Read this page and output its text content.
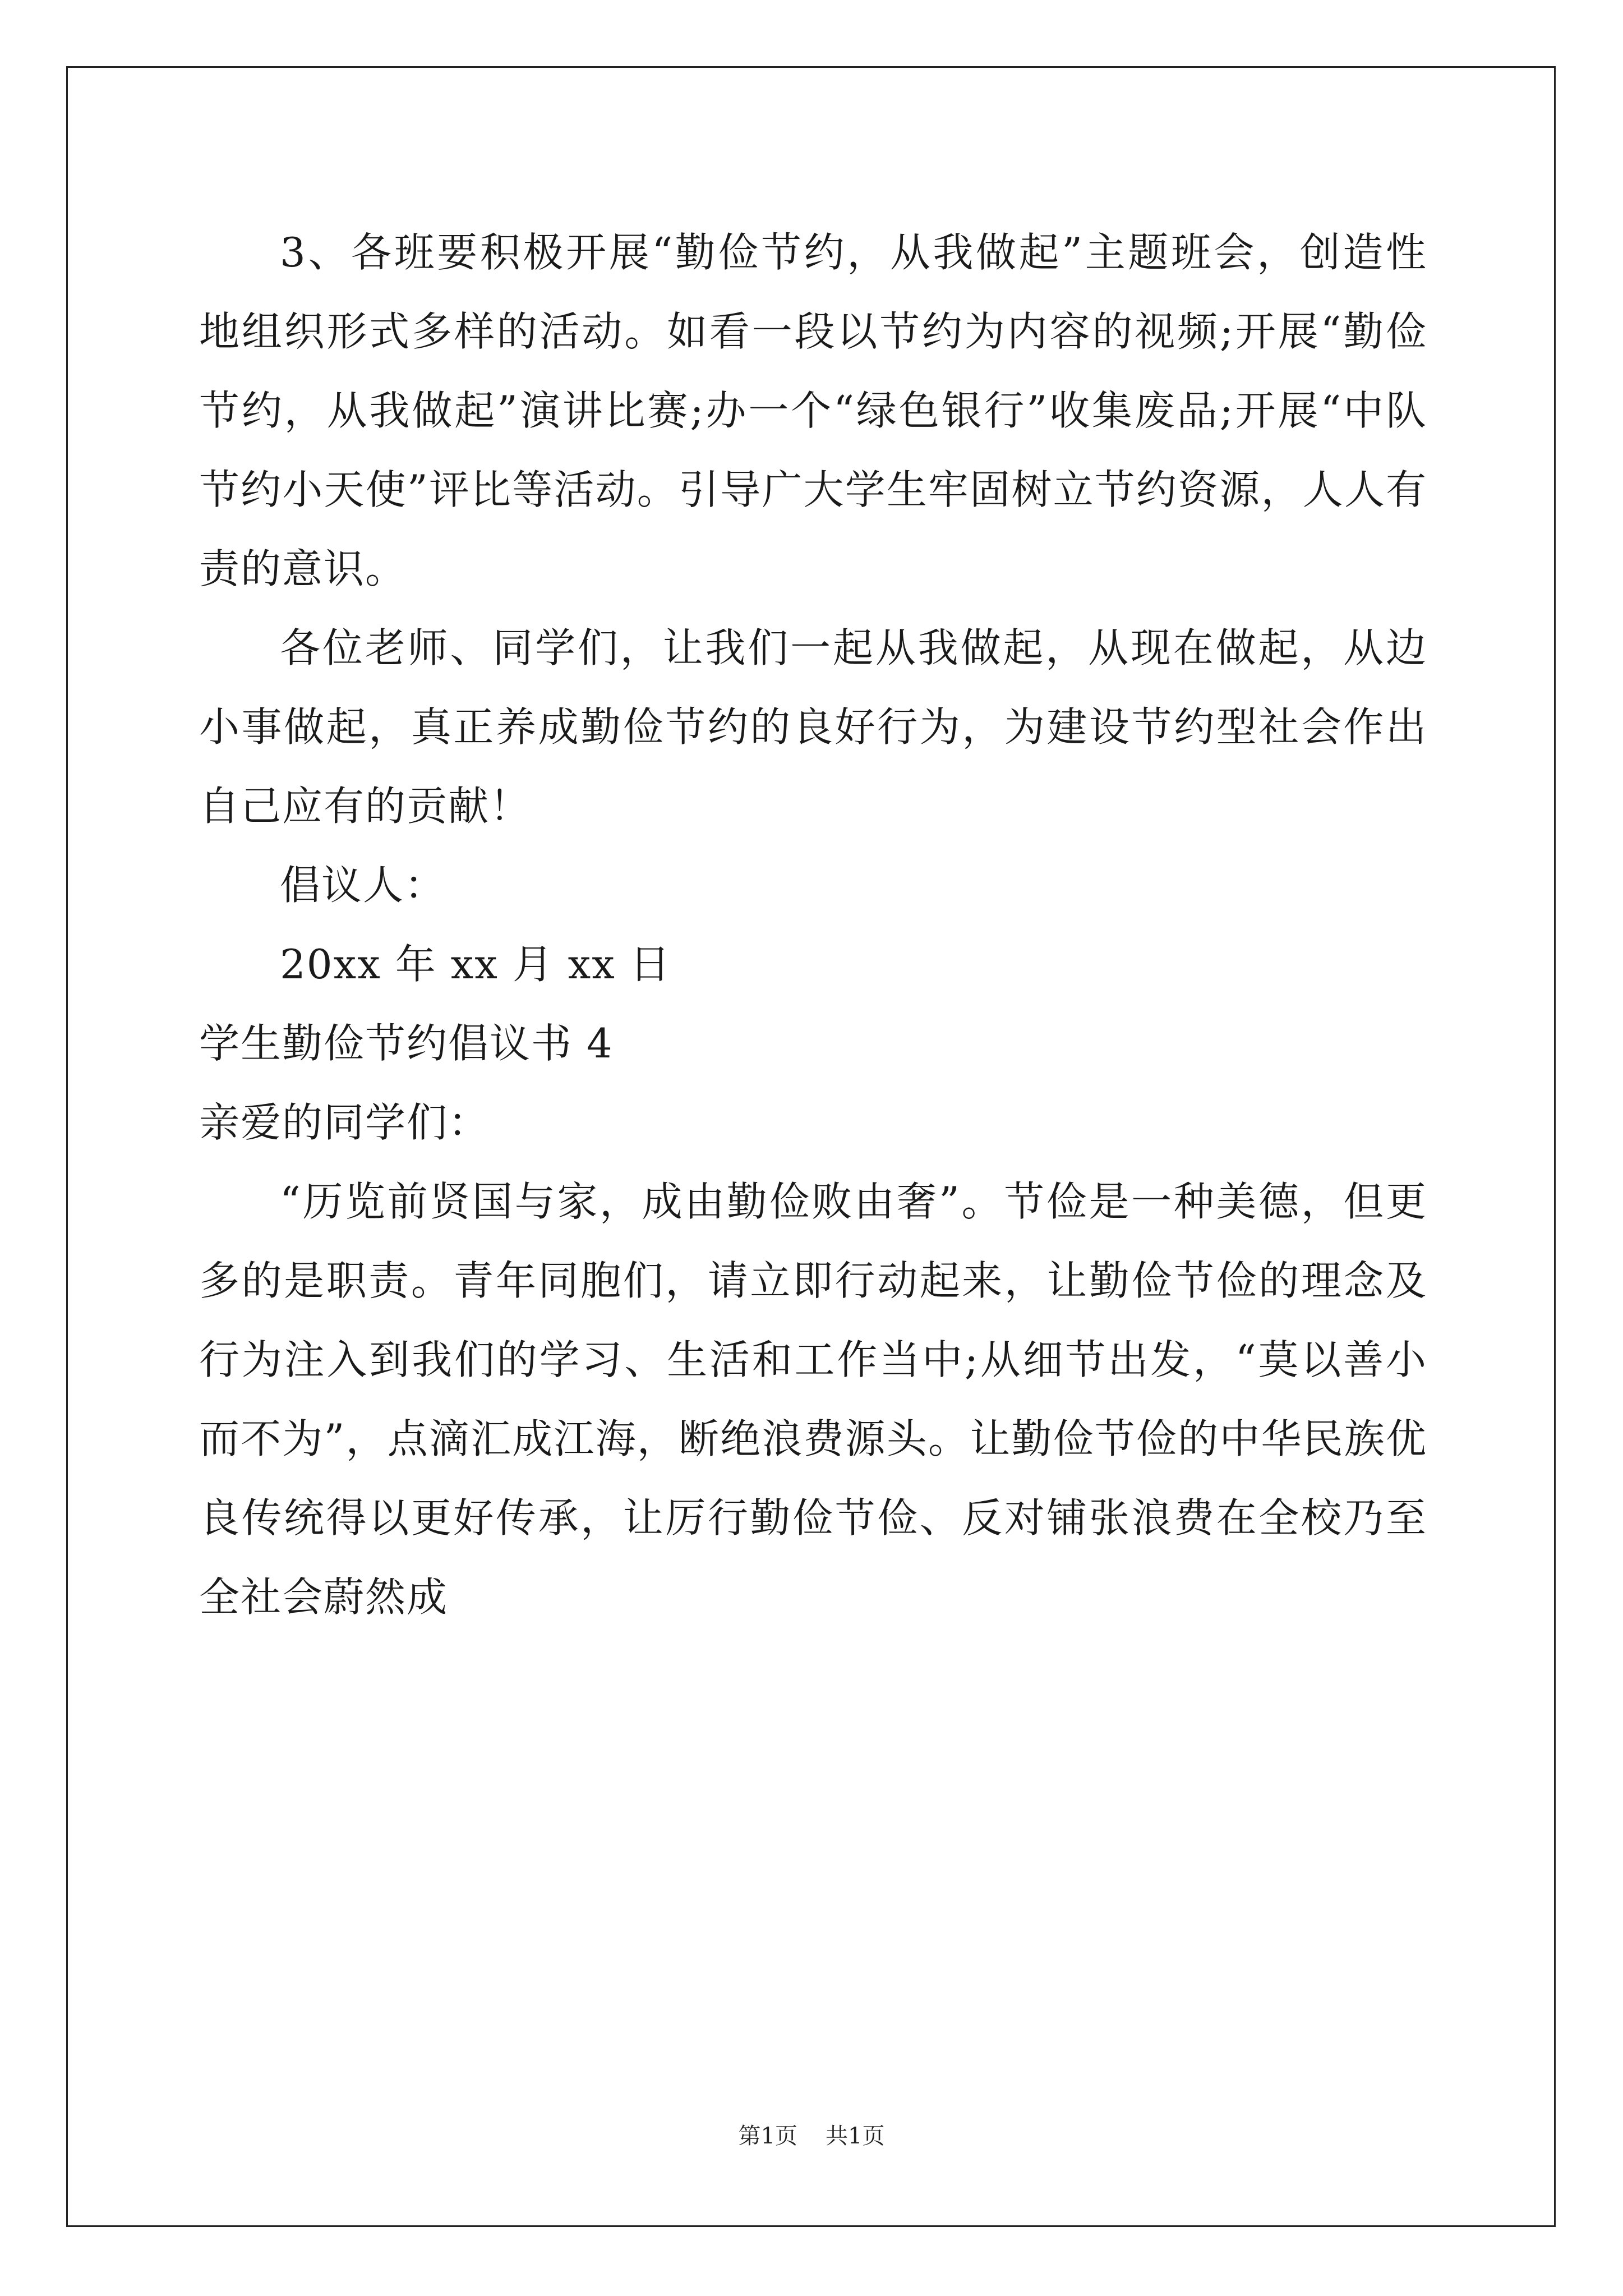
3、各班要积极开展“勤俭节约，从我做起”主题班会，创造性地组织形式多样的活动。如看一段以节约为内容的视频;开展“勤俭节约，从我做起”演讲比赛;办一个“绿色银行”收集废品;开展“中队节约小天使”评比等活动。引导广大学生牢固树立节约资源，人人有责的意识。

各位老师、同学们，让我们一起从我做起，从现在做起，从边小事做起，真正养成勤俭节约的良好行为，为建设节约型社会作出自己应有的贡献！

倡议人：

20xx 年 xx 月 xx 日

学生勤俭节约倡议书 4

亲爱的同学们：

“历览前贤国与家，成由勤俭败由奢”。节俭是一种美德，但更多的是职责。青年同胞们，请立即行动起来，让勤俭节俭的理念及行为注入到我们的学习、生活和工作当中;从细节出发，“莫以善小而不为”，点滴汇成江海，断绝浪费源头。让勤俭节俭的中华民族优良传统得以更好传承，让厉行勤俭节俭、反对铺张浪费在全校乃至全社会蔚然成

第1页 共1页
